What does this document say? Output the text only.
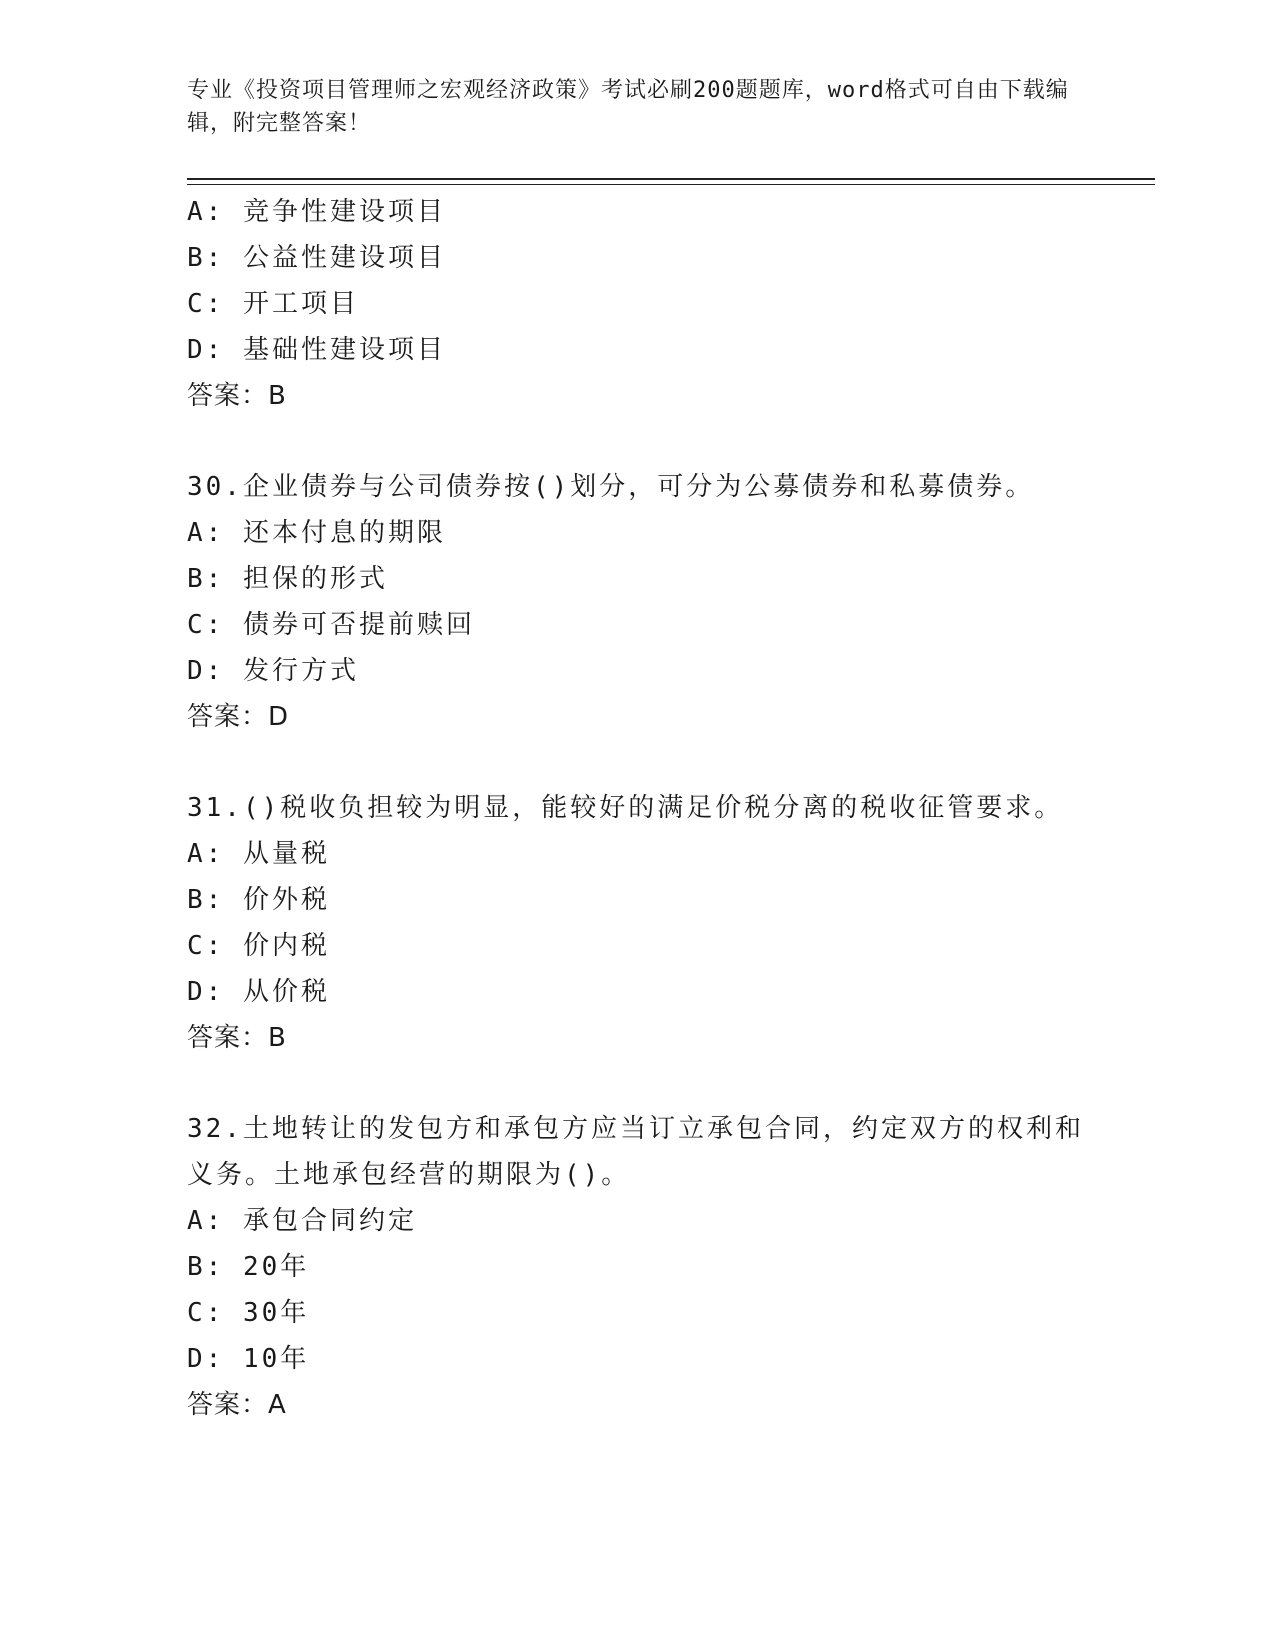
专业《投资项目管理师之宏观经济政策》考试必刷200题题库，word格式可自由下载编辑，附完整答案！
A: 竞争性建设项目
B: 公益性建设项目
C: 开工项目
D: 基础性建设项目
答案：B
30.企业债券与公司债券按()划分，可分为公募债券和私募债券。
A: 还本付息的期限
B: 担保的形式
C: 债券可否提前赎回
D: 发行方式
答案：D
31.()税收负担较为明显，能较好的满足价税分离的税收征管要求。
A: 从量税
B: 价外税
C: 价内税
D: 从价税
答案：B
32.土地转让的发包方和承包方应当订立承包合同，约定双方的权利和义务。土地承包经营的期限为()。
A: 承包合同约定
B: 20年
C: 30年
D: 10年
答案：A
